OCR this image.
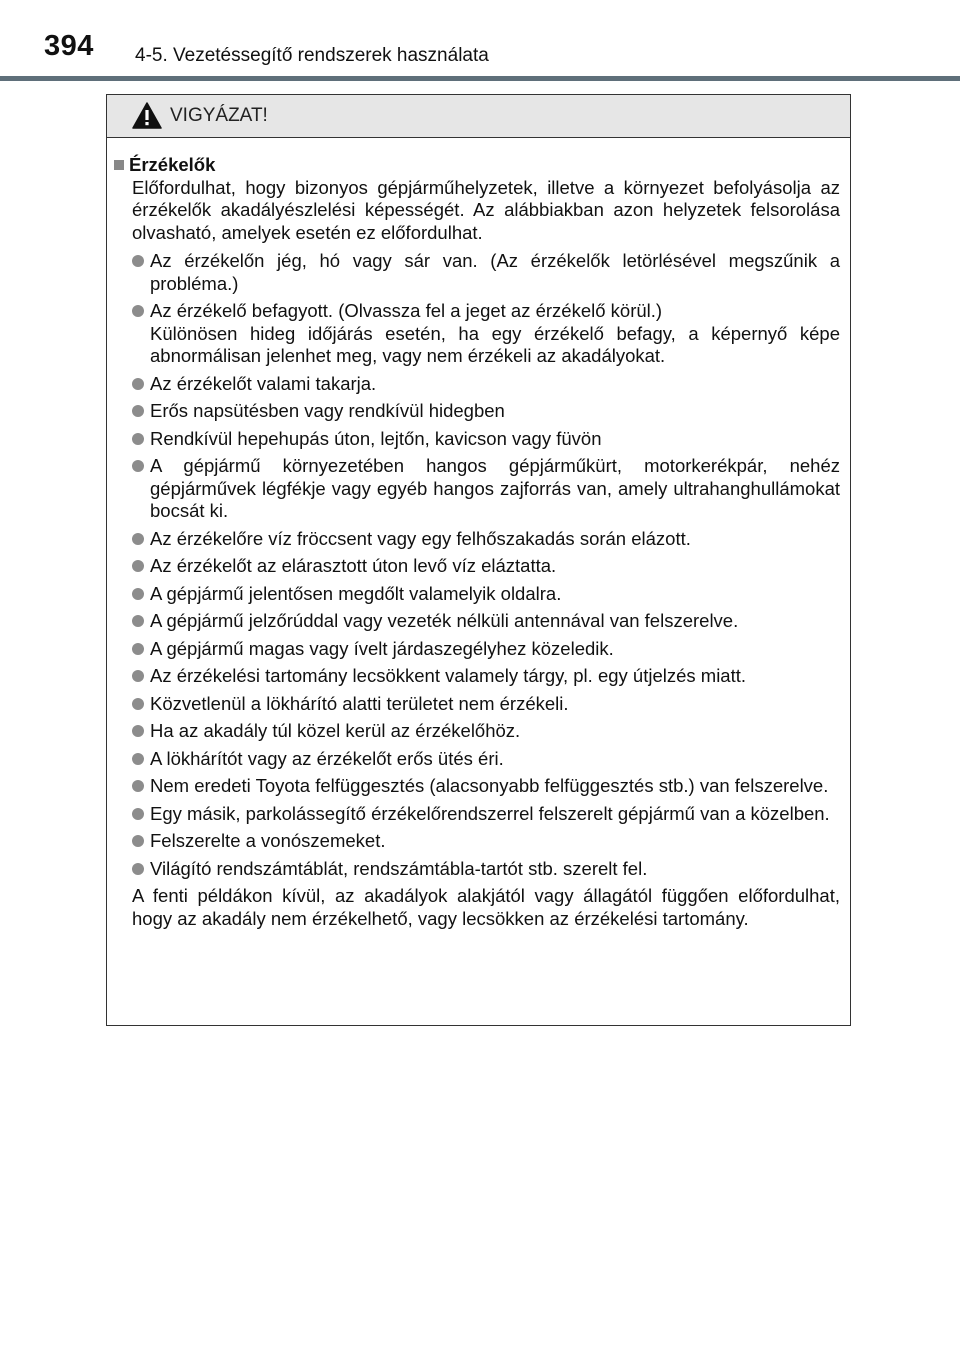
394 4-5. Vezetéssegítő rendszerek használata
VIGYÁZAT!
Érzékelők
Előfordulhat, hogy bizonyos gépjárműhelyzetek, illetve a környezet befolyásolja az érzékelők akadályészlelési képességét. Az alábbiakban azon helyzetek felsorolása olvasható, amelyek esetén ez előfordulhat.
Az érzékelőn jég, hó vagy sár van. (Az érzékelők letörlésével megszűnik a probléma.)
Az érzékelő befagyott. (Olvassza fel a jeget az érzékelő körül.)
Különösen hideg időjárás esetén, ha egy érzékelő befagy, a képernyő képe abnormálisan jelenhet meg, vagy nem érzékeli az akadályokat.
Az érzékelőt valami takarja.
Erős napsütésben vagy rendkívül hidegben
Rendkívül hepehupás úton, lejtőn, kavicson vagy füvön
A gépjármű környezetében hangos gépjárműkürt, motorkerékpár, nehéz gépjárművek légfékje vagy egyéb hangos zajforrás van, amely ultrahanghullámokat bocsát ki.
Az érzékelőre víz fröccsent vagy egy felhőszakadás során elázott.
Az érzékelőt az elárasztott úton levő víz eláztatta.
A gépjármű jelentősen megdőlt valamelyik oldalra.
A gépjármű jelzőrúddal vagy vezeték nélküli antennával van felszerelve.
A gépjármű magas vagy ívelt járdaszegélyhez közeledik.
Az érzékelési tartomány lecsökkent valamely tárgy, pl. egy útjelzés miatt.
Közvetlenül a lökhárító alatti területet nem érzékeli.
Ha az akadály túl közel kerül az érzékelőhöz.
A lökhárítót vagy az érzékelőt erős ütés éri.
Nem eredeti Toyota felfüggesztés (alacsonyabb felfüggesztés stb.) van felszerelve.
Egy másik, parkolássegítő érzékelőrendszerrel felszerelt gépjármű van a közelben.
Felszerelte a vonószemeket.
Világító rendszámtáblát, rendszámtábla-tartót stb. szerelt fel.
A fenti példákon kívül, az akadályok alakjától vagy állagától függően előfordulhat, hogy az akadály nem érzékelhető, vagy lecsökken az érzékelési tartomány.
